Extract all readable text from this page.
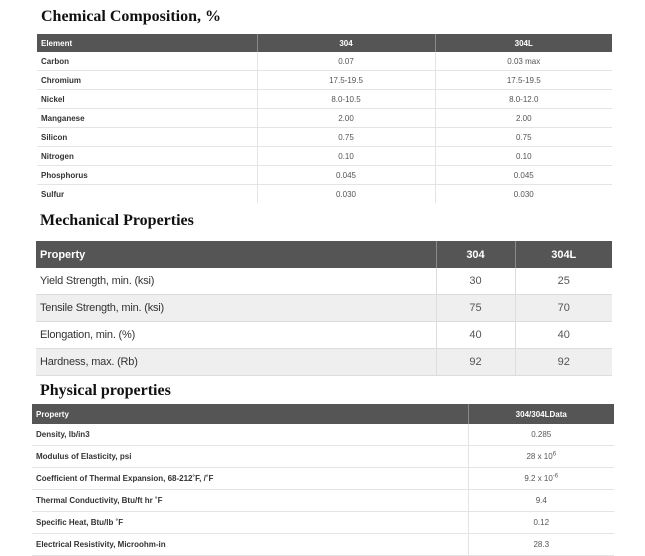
Chemical Composition, %
Element	304	304L
Carbon	0.07	0.03 max
Chromium	17.5-19.5	17.5-19.5
Nickel	8.0-10.5	8.0-12.0
Manganese	2.00	2.00
Silicon	0.75	0.75
Nitrogen	0.10	0.10
Phosphorus	0.045	0.045
Sulfur	0.030	0.030
Mechanical Properties
Property	304	304L
Yield Strength, min. (ksi)	30	25
Tensile Strength, min. (ksi)	75	70
Elongation, min. (%)	40	40
Hardness, max. (Rb)	92	92
Physical properties
Property	304/304LData
Density, lb/in3	0.285
Modulus of Elasticity, psi	28 x $10^6$
Coefficient of Thermal Expansion, 68-212˚F, /˚F	9.2 x $10^{-6}$
Thermal Conductivity, Btu/ft hr ˚F	9.4
Specific Heat, Btu/lb ˚F	0.12
Electrical Resistivity, Microohm-in	28.3
